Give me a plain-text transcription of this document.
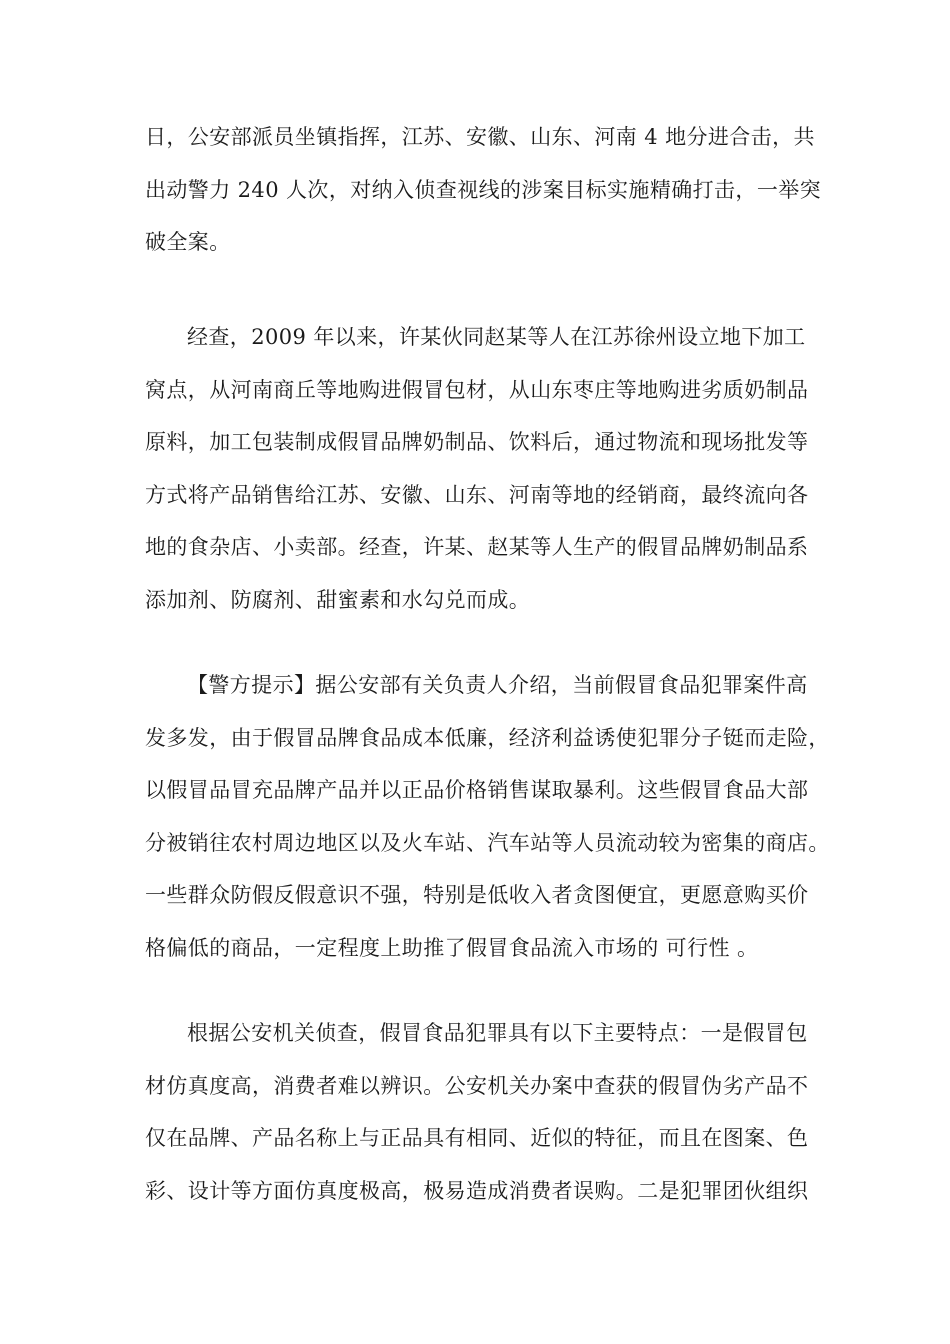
日，公安部派员坐镇指挥，江苏、安徽、山东、河南 4 地分进合击，共
出动警力 240 人次，对纳入侦查视线的涉案目标实施精确打击，一举突
破全案。
经查，2009 年以来，许某伙同赵某等人在江苏徐州设立地下加工
窝点，从河南商丘等地购进假冒包材，从山东枣庄等地购进劣质奶制品
原料，加工包装制成假冒品牌奶制品、饮料后，通过物流和现场批发等
方式将产品销售给江苏、安徽、山东、河南等地的经销商，最终流向各
地的食杂店、小卖部。经查，许某、赵某等人生产的假冒品牌奶制品系
添加剂、防腐剂、甜蜜素和水勾兑而成。
【警方提示】据公安部有关负责人介绍，当前假冒食品犯罪案件高
发多发，由于假冒品牌食品成本低廉，经济利益诱使犯罪分子铤而走险，
以假冒品冒充品牌产品并以正品价格销售谋取暴利。这些假冒食品大部
分被销往农村周边地区以及火车站、汽车站等人员流动较为密集的商店。
一些群众防假反假意识不强，特别是低收入者贪图便宜，更愿意购买价
格偏低的商品，一定程度上助推了假冒食品流入市场的 可行性 。
根据公安机关侦查，假冒食品犯罪具有以下主要特点：一是假冒包
材仿真度高，消费者难以辨识。公安机关办案中查获的假冒伪劣产品不
仅在品牌、产品名称上与正品具有相同、近似的特征，而且在图案、色
彩、设计等方面仿真度极高，极易造成消费者误购。二是犯罪团伙组织
